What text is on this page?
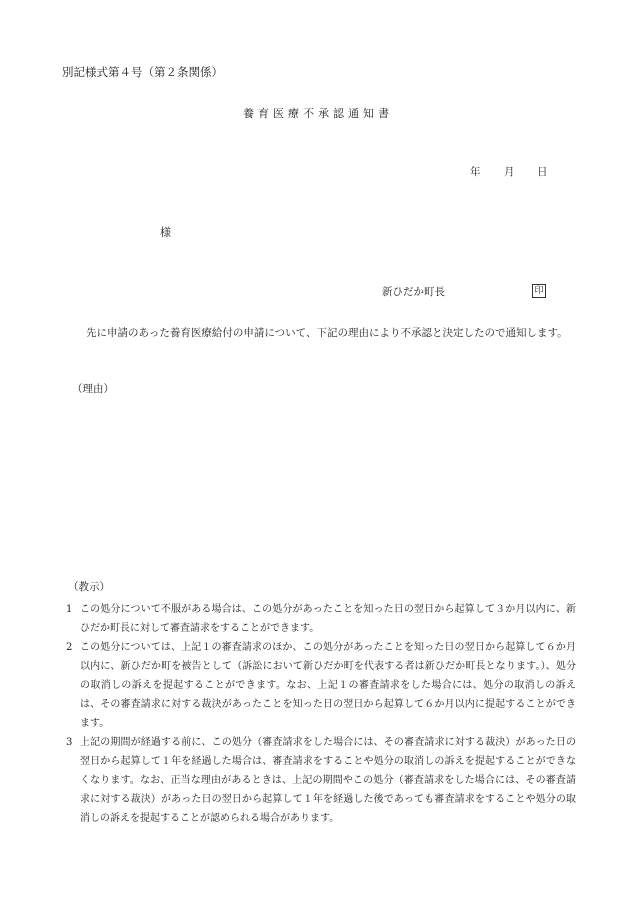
別記様式第４号（第２条関係）
養育医療不承認通知書
年 月 日
様
新ひだか町長	印
先に申請のあった養育医療給付の申請について、下記の理由により不承認と決定したので通知します。
（理由）
（教示）
1 この処分について不服がある場合は、この処分があったことを知った日の翌日から起算して３か月以内に、新ひだか町長に対して審査請求をすることができます。
2 この処分については、上記１の審査請求のほか、この処分があったことを知った日の翌日から起算して６か月以内に、新ひだか町を被告として（訴訟において新ひだか町を代表する者は新ひだか町長となります。）、処分の取消しの訴えを提起することができます。なお、上記１の審査請求をした場合には、処分の取消しの訴えは、その審査請求に対する裁決があったことを知った日の翌日から起算して６か月以内に提起することができます。
3 上記の期間が経過する前に、この処分（審査請求をした場合には、その審査請求に対する裁決）があった日の翌日から起算して１年を経過した場合は、審査請求をすることや処分の取消しの訴えを提起することができなくなります。なお、正当な理由があるときは、上記の期間やこの処分（審査請求をした場合には、その審査請求に対する裁決）があった日の翌日から起算して１年を経過した後であっても審査請求をすることや処分の取消しの訴えを提起することが認められる場合があります。
